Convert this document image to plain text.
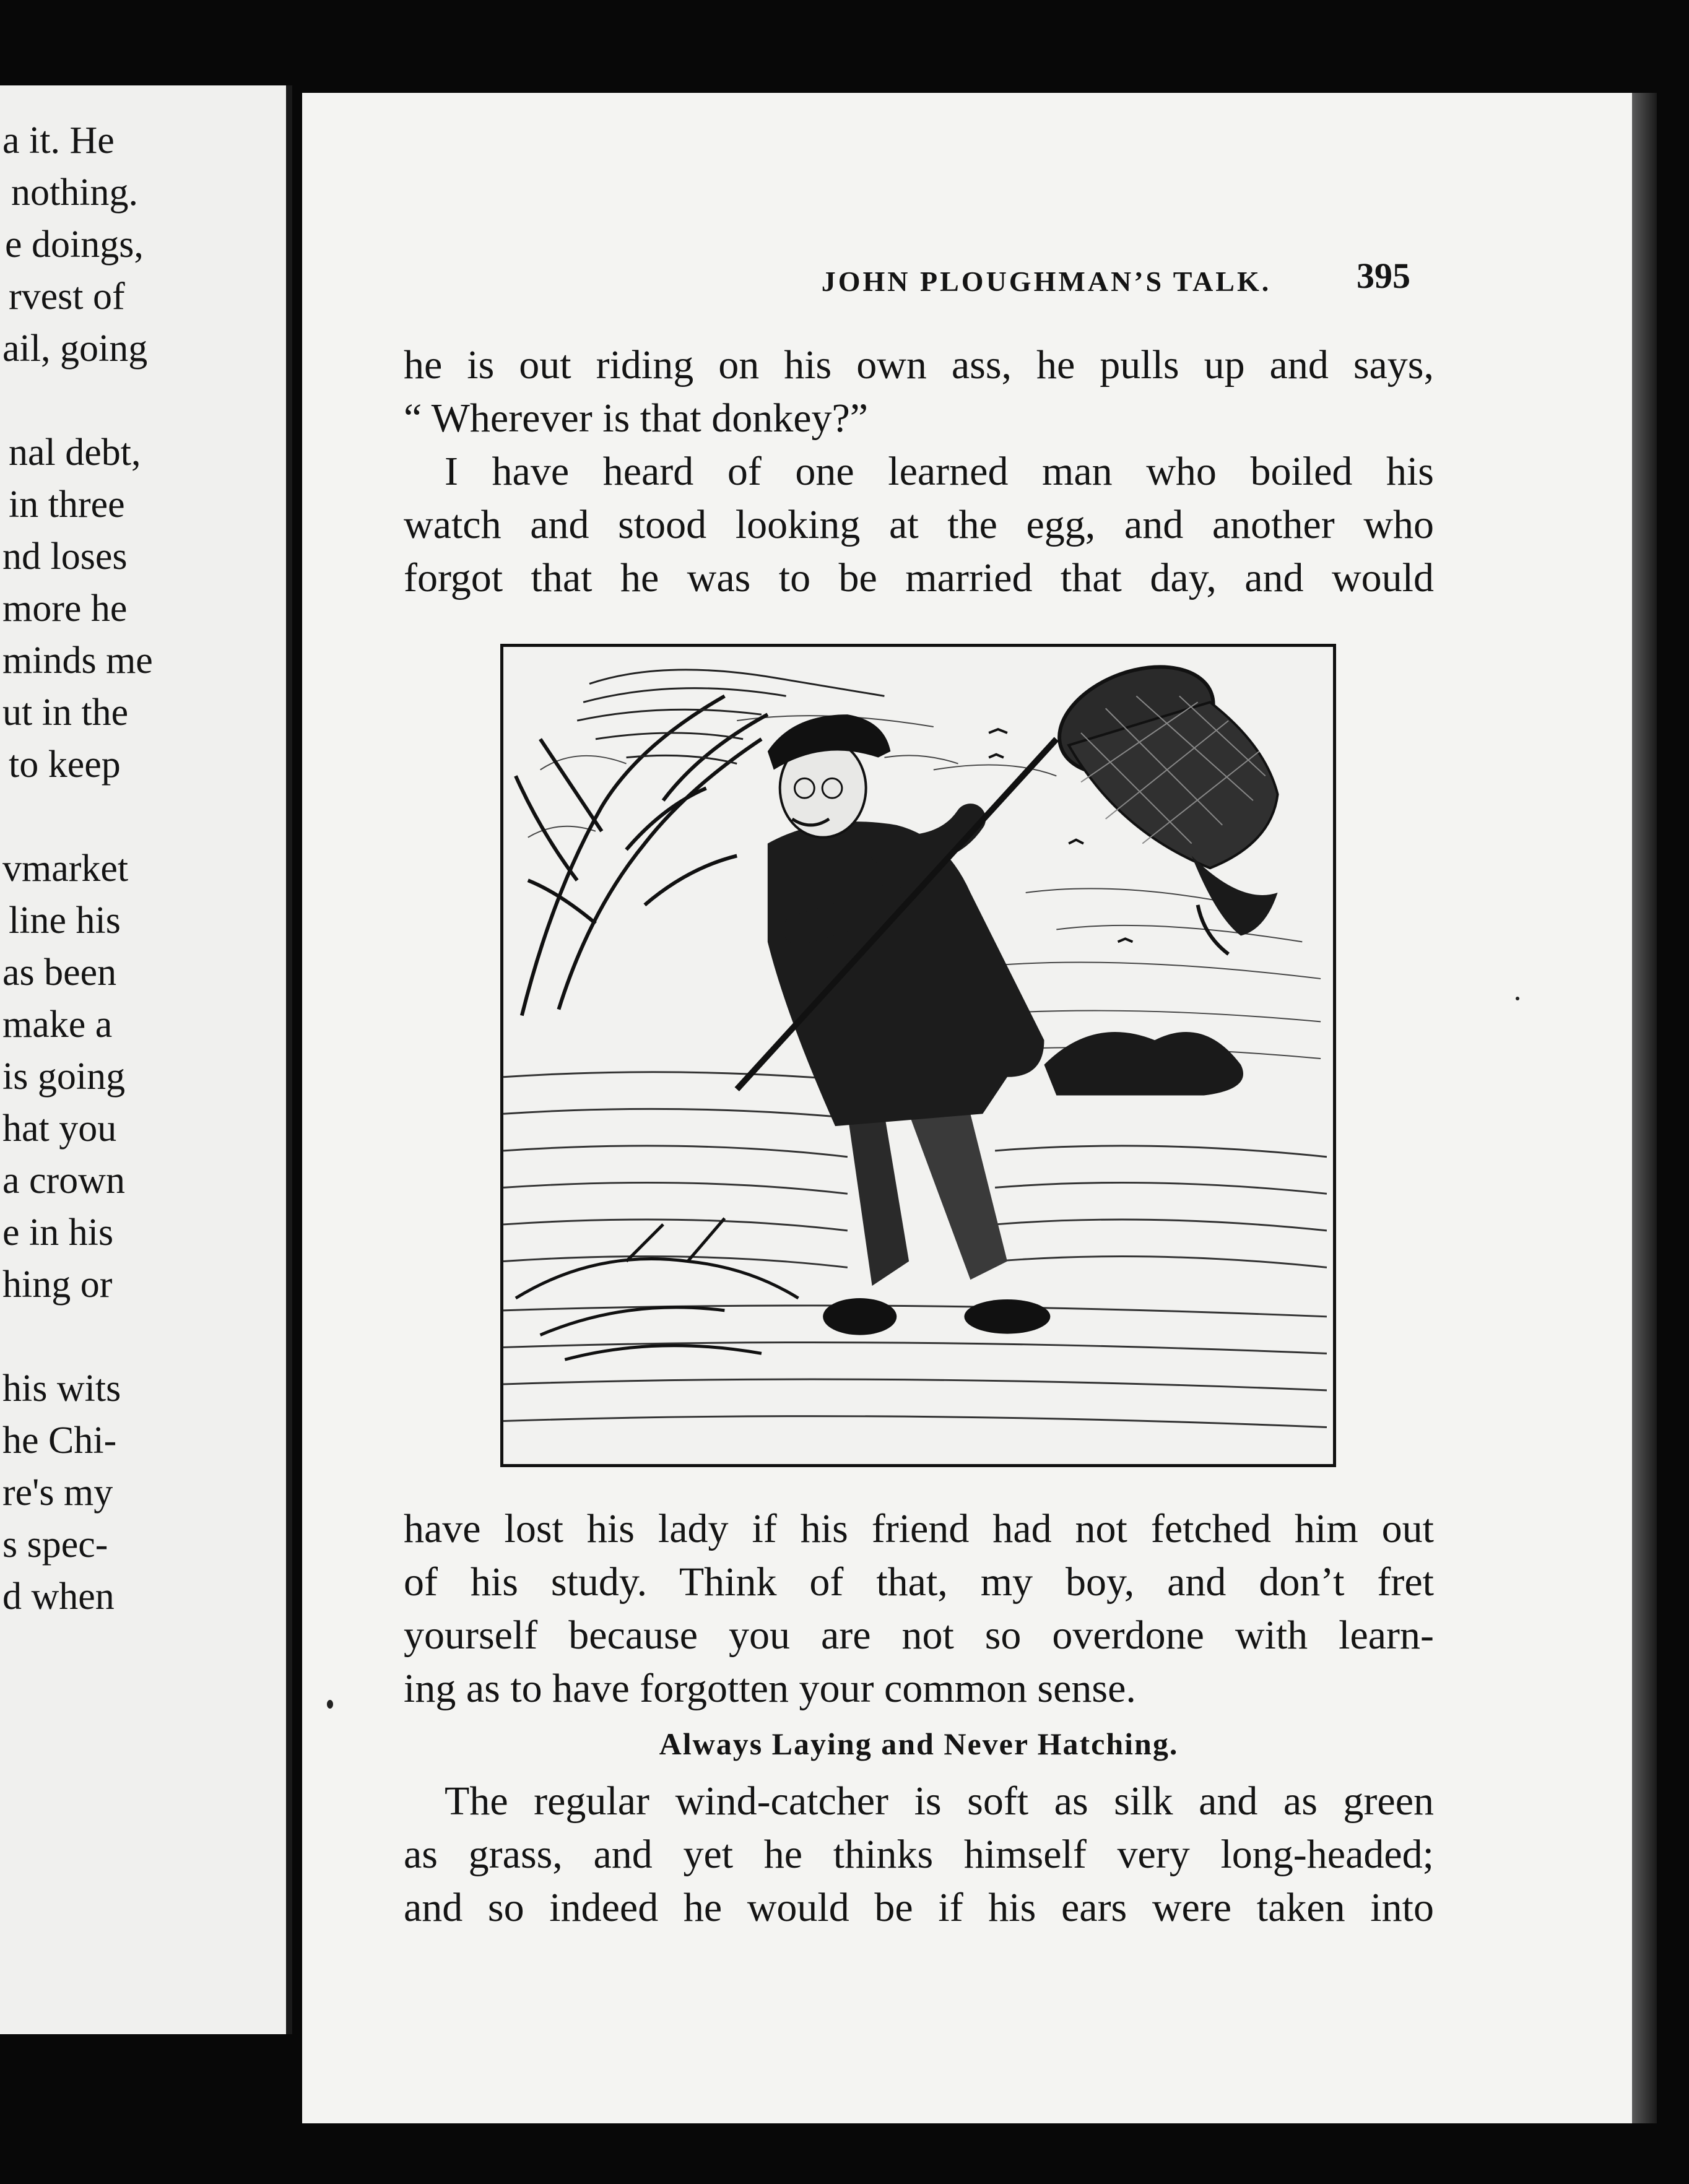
a it. He
nothing.
e doings,
rvest of
ail, going
nal debt,
in three
nd loses
more he
minds me
ut in the
to keep
vmarket
line his
as been
make a
is going
hat you
a crown
e in his
hing or
his wits
he Chi-
re's my
s spec-
d when
JOHN PLOUGHMAN’S TALK.	395
he is out riding on his own ass, he pulls up and says,
“ Wherever is that donkey?”
I have heard of one learned man who boiled his
watch and stood looking at the egg, and another who
forgot that he was to be married that day, and would
have lost his lady if his friend had not fetched him out
of his study. Think of that, my boy, and don’t fret
yourself because you are not so overdone with learn-
ing as to have forgotten your common sense.
Always Laying and Never Hatching.
The regular wind-catcher is soft as silk and as green
as grass, and yet he thinks himself very long-headed;
and so indeed he would be if his ears were taken into
